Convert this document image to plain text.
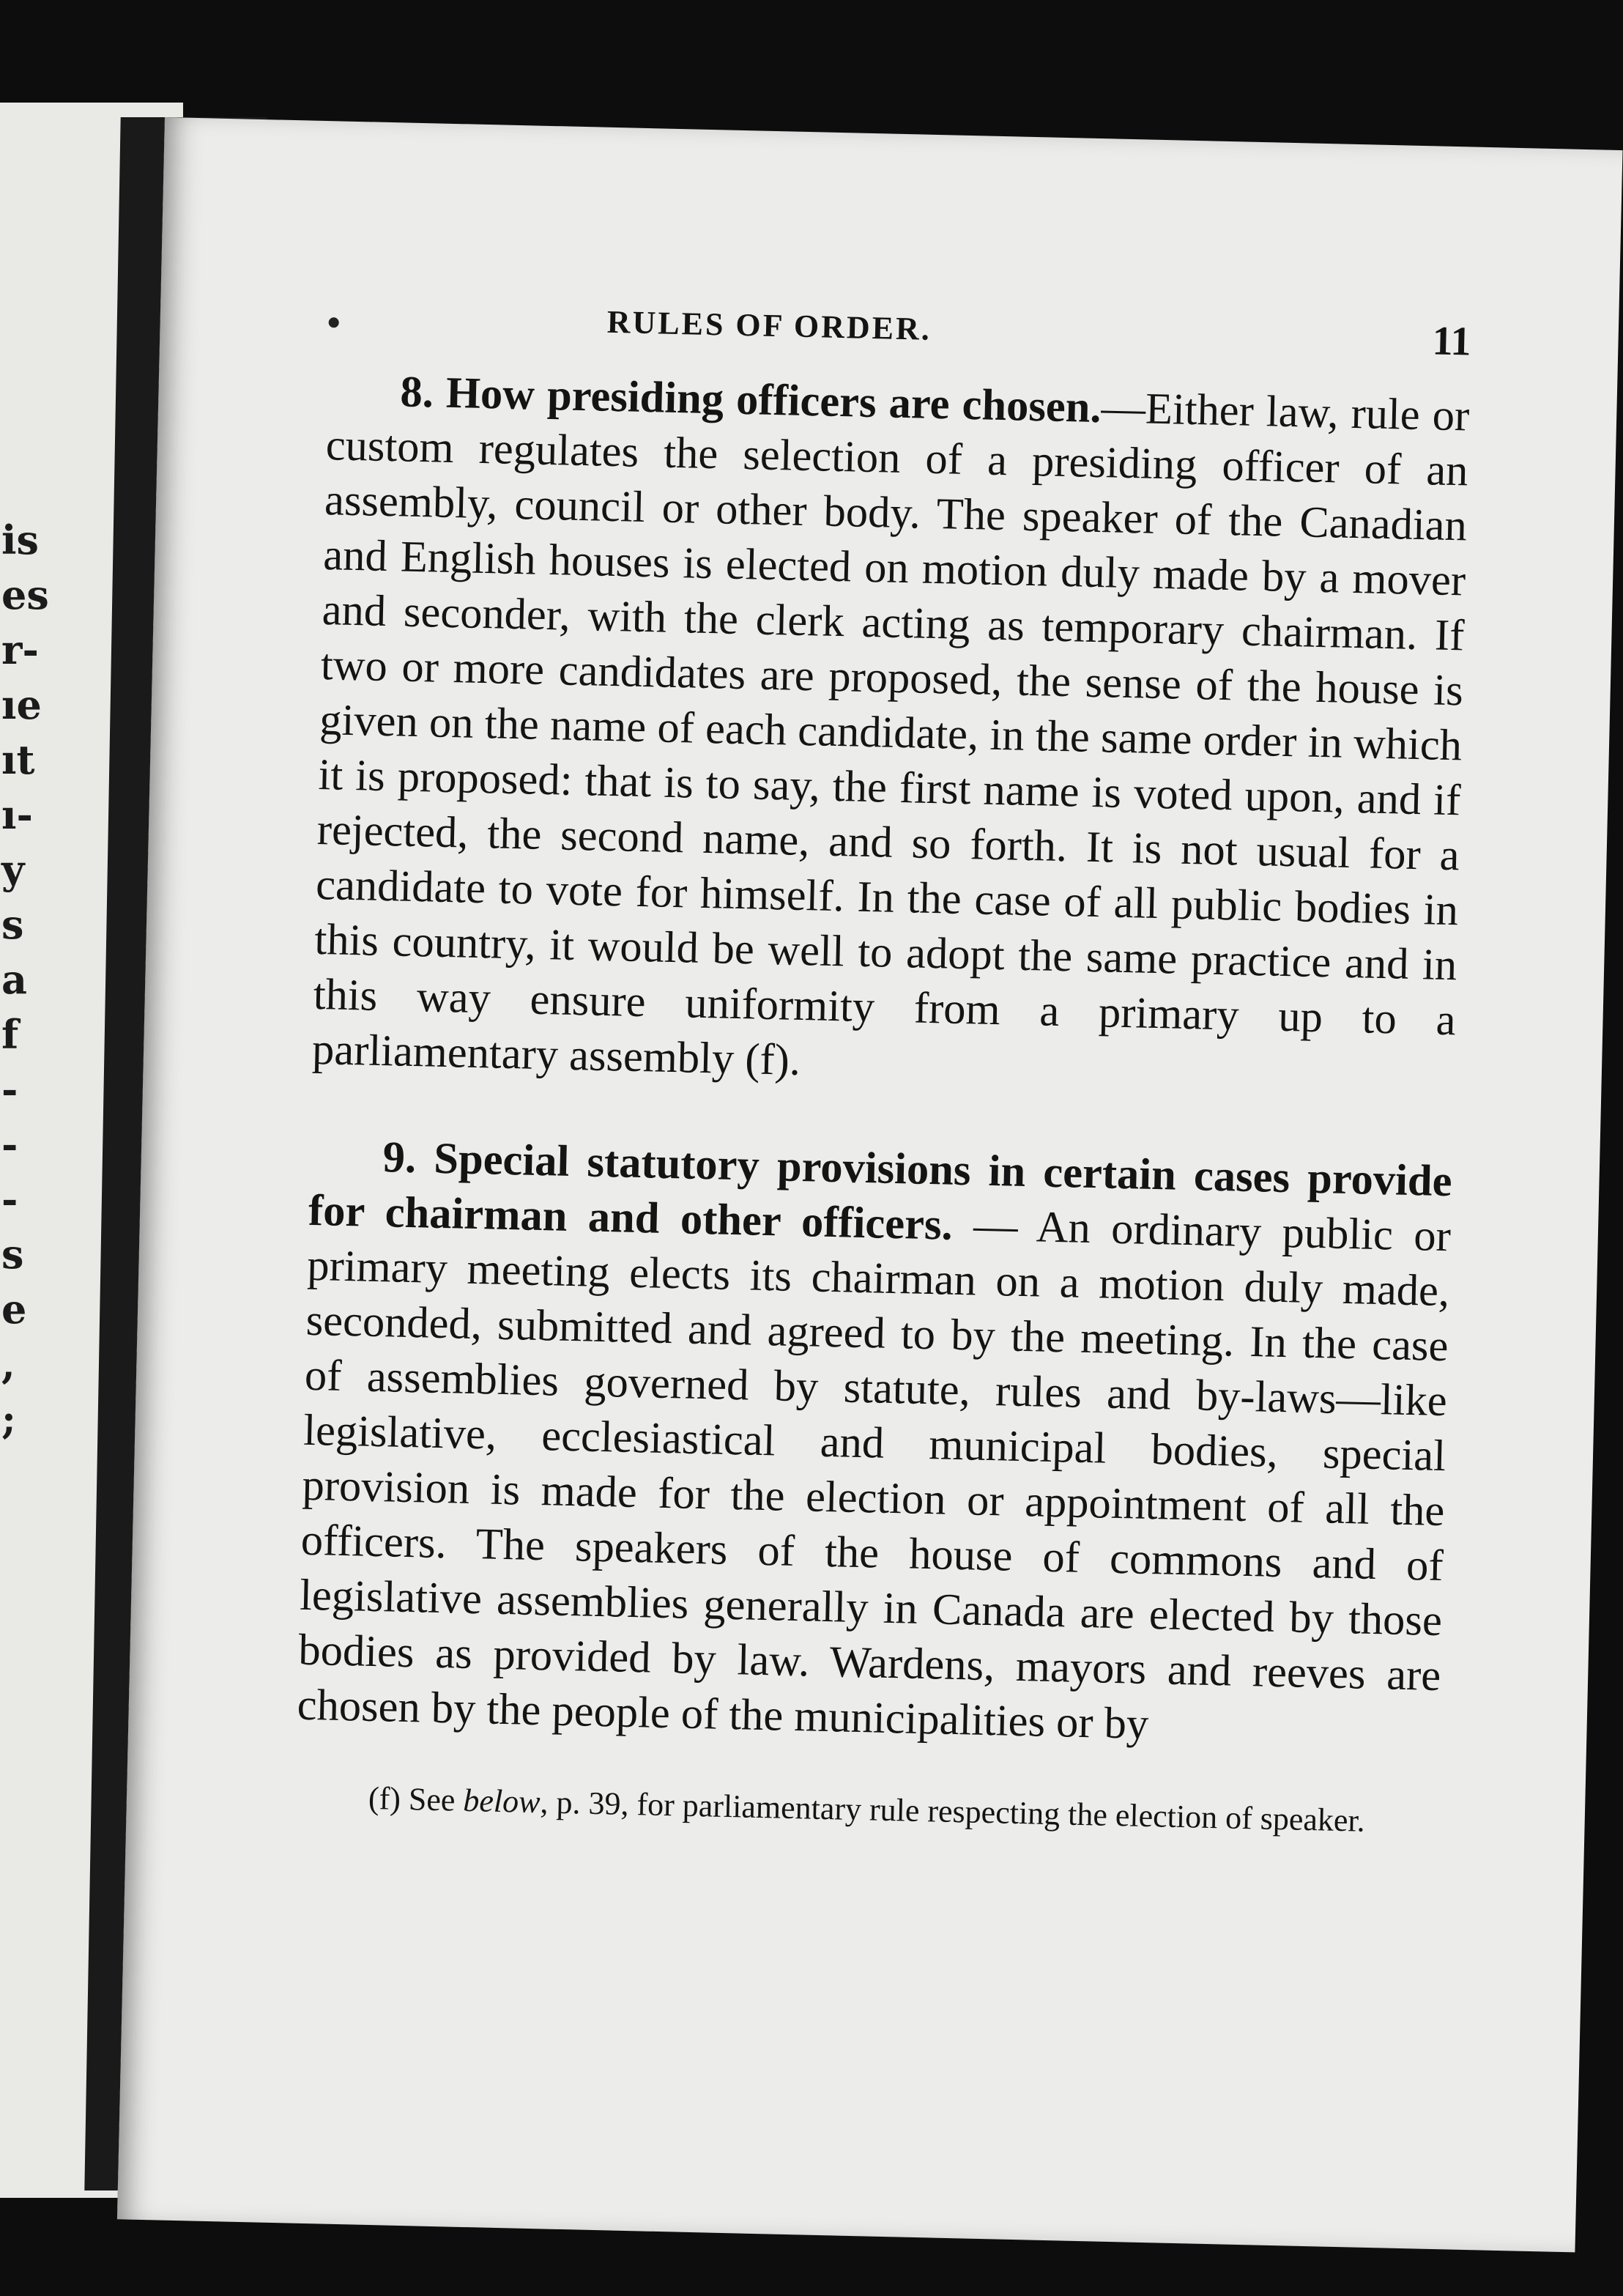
is
es
r-
ıe
ıt
ı-
y
s
a
f
-
-
-
s
e
,
;
RULES OF ORDER.	11

8. How presiding officers are chosen.—Either law, rule or custom regulates the selection of a presiding officer of an assembly, council or other body. The speaker of the Canadian and English houses is elected on motion duly made by a mover and seconder, with the clerk acting as temporary chairman. If two or more candidates are proposed, the sense of the house is given on the name of each candidate, in the same order in which it is proposed: that is to say, the first name is voted upon, and if rejected, the second name, and so forth. It is not usual for a candidate to vote for himself. In the case of all public bodies in this country, it would be well to adopt the same practice and in this way ensure uniformity from a primary up to a parliamentary assembly (f).

9. Special statutory provisions in certain cases provide for chairman and other officers. — An ordinary public or primary meeting elects its chairman on a motion duly made, seconded, submitted and agreed to by the meeting. In the case of assemblies governed by statute, rules and by-laws—like legislative, ecclesiastical and municipal bodies, special provision is made for the election or appointment of all the officers. The speakers of the house of commons and of legislative assemblies generally in Canada are elected by those bodies as provided by law. Wardens, mayors and reeves are chosen by the people of the municipalities or by

(f) See below, p. 39, for parliamentary rule respecting the election of speaker.
